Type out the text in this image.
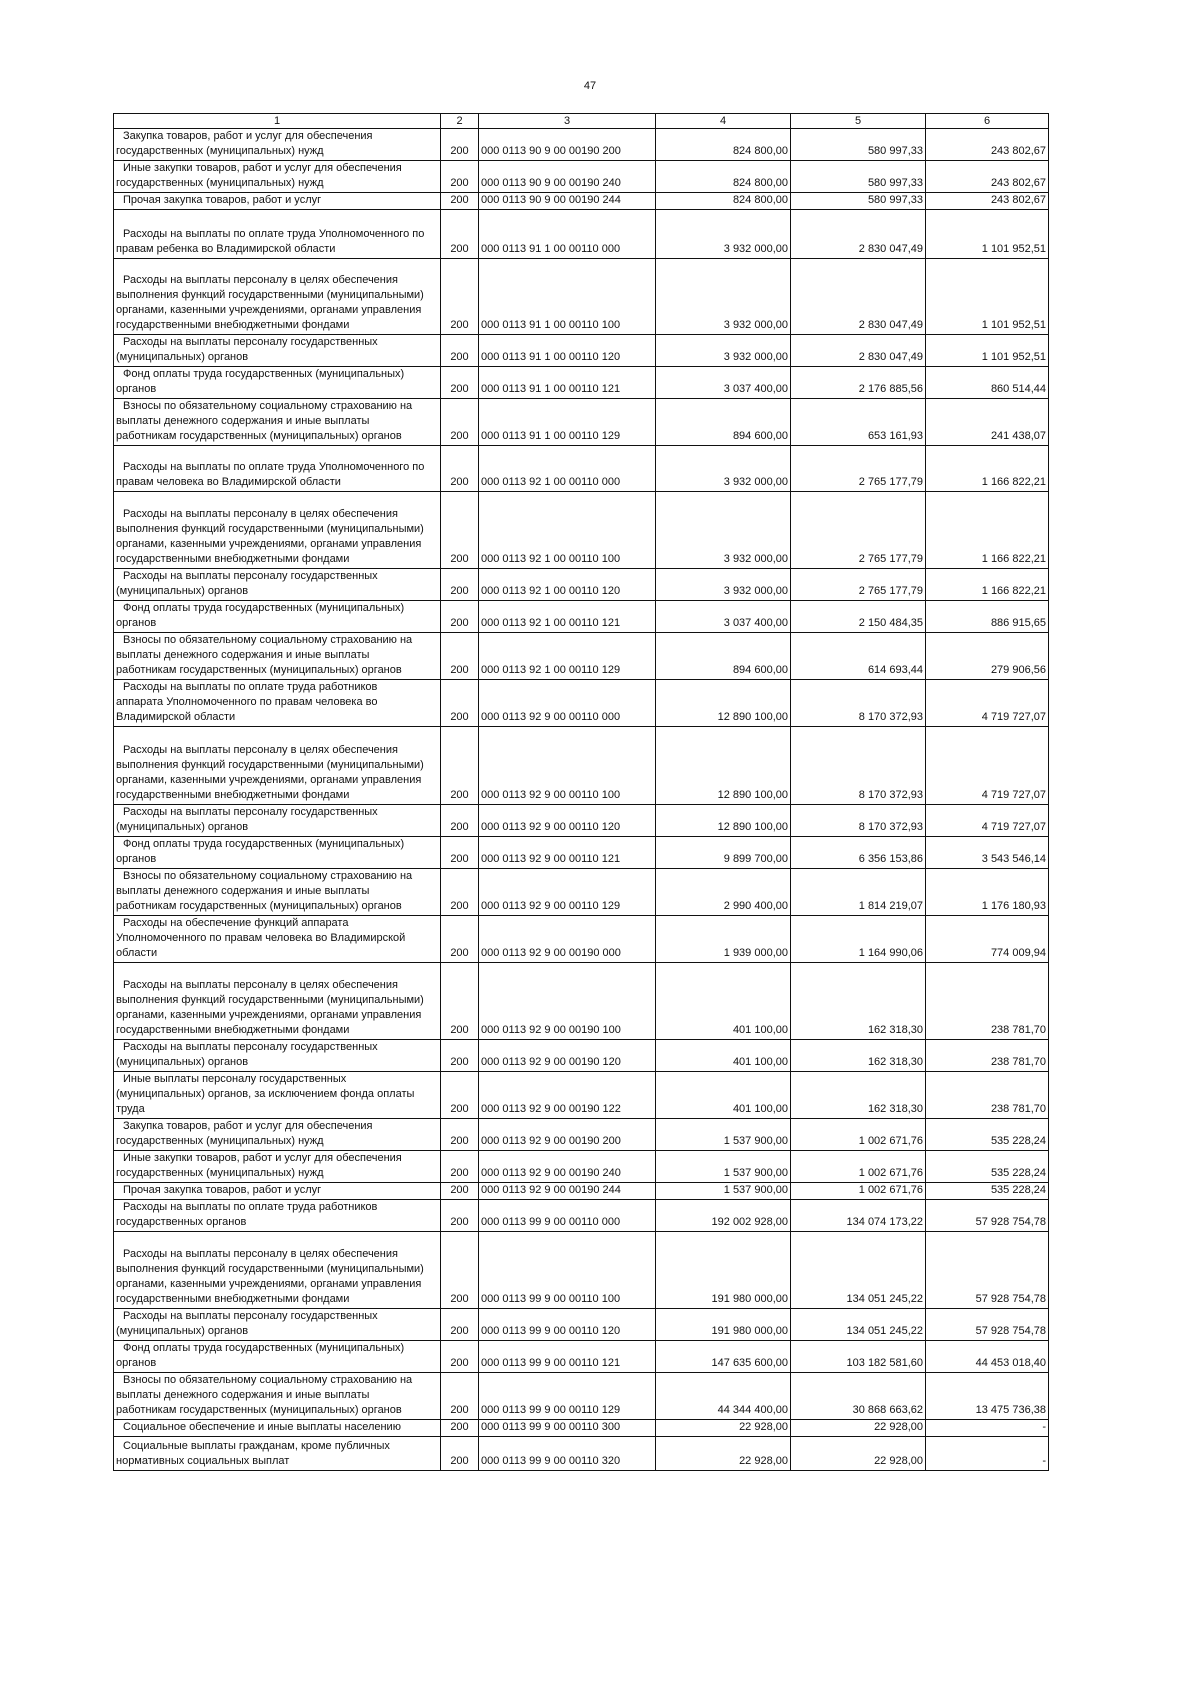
47
1	2	3	4	5	6
Закупка товаров, работ и услуг для обеспечения
государственных (муниципальных) нужд	200	000 0113 90 9 00 00190 200	824 800,00	580 997,33	243 802,67
Иные закупки товаров, работ и услуг для обеспечения
государственных (муниципальных) нужд	200	000 0113 90 9 00 00190 240	824 800,00	580 997,33	243 802,67
Прочая закупка товаров, работ и услуг	200	000 0113 90 9 00 00190 244	824 800,00	580 997,33	243 802,67
Расходы на выплаты по оплате труда Уполномоченного по
правам ребенка во Владимирской области	200	000 0113 91 1 00 00110 000	3 932 000,00	2 830 047,49	1 101 952,51
Расходы на выплаты персоналу в целях обеспечения
выполнения функций государственными (муниципальными)
органами, казенными учреждениями, органами управления
государственными внебюджетными фондами	200	000 0113 91 1 00 00110 100	3 932 000,00	2 830 047,49	1 101 952,51
Расходы на выплаты персоналу государственных
(муниципальных) органов	200	000 0113 91 1 00 00110 120	3 932 000,00	2 830 047,49	1 101 952,51
Фонд оплаты труда государственных (муниципальных)
органов	200	000 0113 91 1 00 00110 121	3 037 400,00	2 176 885,56	860 514,44
Взносы по обязательному социальному страхованию на
выплаты денежного содержания и иные выплаты
работникам государственных (муниципальных) органов	200	000 0113 91 1 00 00110 129	894 600,00	653 161,93	241 438,07
Расходы на выплаты по оплате труда Уполномоченного по
правам человека во Владимирской области	200	000 0113 92 1 00 00110 000	3 932 000,00	2 765 177,79	1 166 822,21
Расходы на выплаты персоналу в целях обеспечения
выполнения функций государственными (муниципальными)
органами, казенными учреждениями, органами управления
государственными внебюджетными фондами	200	000 0113 92 1 00 00110 100	3 932 000,00	2 765 177,79	1 166 822,21
Расходы на выплаты персоналу государственных
(муниципальных) органов	200	000 0113 92 1 00 00110 120	3 932 000,00	2 765 177,79	1 166 822,21
Фонд оплаты труда государственных (муниципальных)
органов	200	000 0113 92 1 00 00110 121	3 037 400,00	2 150 484,35	886 915,65
Взносы по обязательному социальному страхованию на
выплаты денежного содержания и иные выплаты
работникам государственных (муниципальных) органов	200	000 0113 92 1 00 00110 129	894 600,00	614 693,44	279 906,56
Расходы на выплаты по оплате труда работников
аппарата Уполномоченного по правам человека во
Владимирской области	200	000 0113 92 9 00 00110 000	12 890 100,00	8 170 372,93	4 719 727,07
Расходы на выплаты персоналу в целях обеспечения
выполнения функций государственными (муниципальными)
органами, казенными учреждениями, органами управления
государственными внебюджетными фондами	200	000 0113 92 9 00 00110 100	12 890 100,00	8 170 372,93	4 719 727,07
Расходы на выплаты персоналу государственных
(муниципальных) органов	200	000 0113 92 9 00 00110 120	12 890 100,00	8 170 372,93	4 719 727,07
Фонд оплаты труда государственных (муниципальных)
органов	200	000 0113 92 9 00 00110 121	9 899 700,00	6 356 153,86	3 543 546,14
Взносы по обязательному социальному страхованию на
выплаты денежного содержания и иные выплаты
работникам государственных (муниципальных) органов	200	000 0113 92 9 00 00110 129	2 990 400,00	1 814 219,07	1 176 180,93
Расходы на обеспечение функций аппарата
Уполномоченного по правам человека во Владимирской
области	200	000 0113 92 9 00 00190 000	1 939 000,00	1 164 990,06	774 009,94
Расходы на выплаты персоналу в целях обеспечения
выполнения функций государственными (муниципальными)
органами, казенными учреждениями, органами управления
государственными внебюджетными фондами	200	000 0113 92 9 00 00190 100	401 100,00	162 318,30	238 781,70
Расходы на выплаты персоналу государственных
(муниципальных) органов	200	000 0113 92 9 00 00190 120	401 100,00	162 318,30	238 781,70
Иные выплаты персоналу государственных
(муниципальных) органов, за исключением фонда оплаты
труда	200	000 0113 92 9 00 00190 122	401 100,00	162 318,30	238 781,70
Закупка товаров, работ и услуг для обеспечения
государственных (муниципальных) нужд	200	000 0113 92 9 00 00190 200	1 537 900,00	1 002 671,76	535 228,24
Иные закупки товаров, работ и услуг для обеспечения
государственных (муниципальных) нужд	200	000 0113 92 9 00 00190 240	1 537 900,00	1 002 671,76	535 228,24
Прочая закупка товаров, работ и услуг	200	000 0113 92 9 00 00190 244	1 537 900,00	1 002 671,76	535 228,24
Расходы на выплаты по оплате труда работников
государственных органов	200	000 0113 99 9 00 00110 000	192 002 928,00	134 074 173,22	57 928 754,78
Расходы на выплаты персоналу в целях обеспечения
выполнения функций государственными (муниципальными)
органами, казенными учреждениями, органами управления
государственными внебюджетными фондами	200	000 0113 99 9 00 00110 100	191 980 000,00	134 051 245,22	57 928 754,78
Расходы на выплаты персоналу государственных
(муниципальных) органов	200	000 0113 99 9 00 00110 120	191 980 000,00	134 051 245,22	57 928 754,78
Фонд оплаты труда государственных (муниципальных)
органов	200	000 0113 99 9 00 00110 121	147 635 600,00	103 182 581,60	44 453 018,40
Взносы по обязательному социальному страхованию на
выплаты денежного содержания и иные выплаты
работникам государственных (муниципальных) органов	200	000 0113 99 9 00 00110 129	44 344 400,00	30 868 663,62	13 475 736,38
Социальное обеспечение и иные выплаты населению	200	000 0113 99 9 00 00110 300	22 928,00	22 928,00	-
Социальные выплаты гражданам, кроме публичных
нормативных социальных выплат	200	000 0113 99 9 00 00110 320	22 928,00	22 928,00	-
